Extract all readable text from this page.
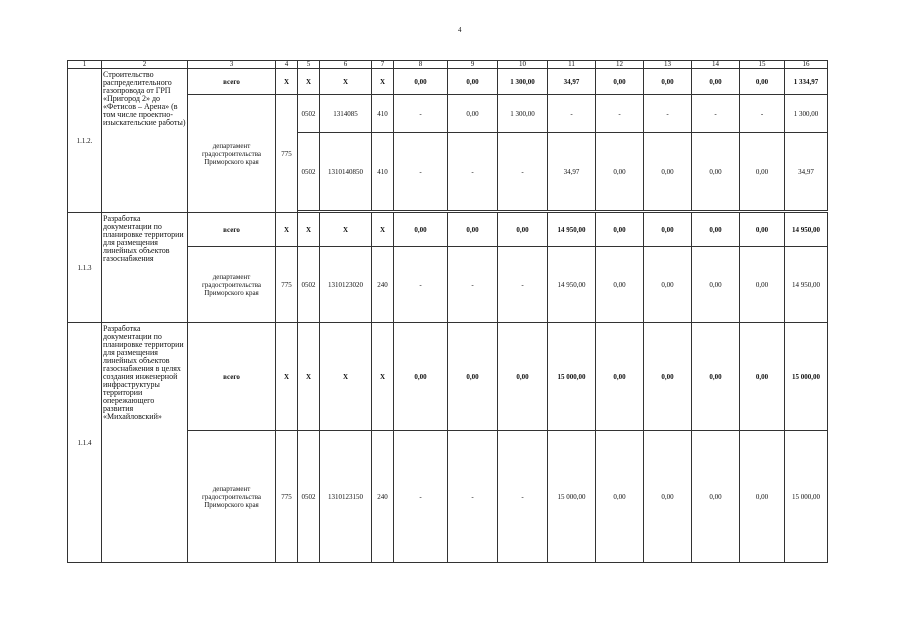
4
1	2	3	4	5	6	7	8	9	10	11	12	13	14	15	16
1.1.2.	Строительство распределительного газопровода от ГРП «Пригород 2» до «Фетисов – Арена» (в том числе проектно-изыскательские работы)	всего	X	X	X	X	0,00	0,00	1 300,00	34,97	0,00	0,00	0,00	0,00	1 334,97
		департамент градостроительства Приморского края	775	0502	1314085	410	-	0,00	1 300,00	-	-	-	-	-	1 300,00
				0502	1310140850	410	-	-	-	34,97	0,00	0,00	0,00	0,00	34,97

1.1.3	Разработка документации по планировке территории для размещения линейных объектов газоснабжения	всего	X	X	X	X	0,00	0,00	0,00	14 950,00	0,00	0,00	0,00	0,00	14 950,00
		департамент градостроительства Приморского края	775	0502	1310123020	240	-	-	-	14 950,00	0,00	0,00	0,00	0,00	14 950,00
1.1.4	Разработка документации по планировке территории для размещения линейных объектов газоснабжения в целях создания инженерной инфраструктуры территории опережающего развития «Михайловский»	всего	X	X	X	X	0,00	0,00	0,00	15 000,00	0,00	0,00	0,00	0,00	15 000,00
		департамент градостроительства Приморского края	775	0502	1310123150	240	-	-	-	15 000,00	0,00	0,00	0,00	0,00	15 000,00
